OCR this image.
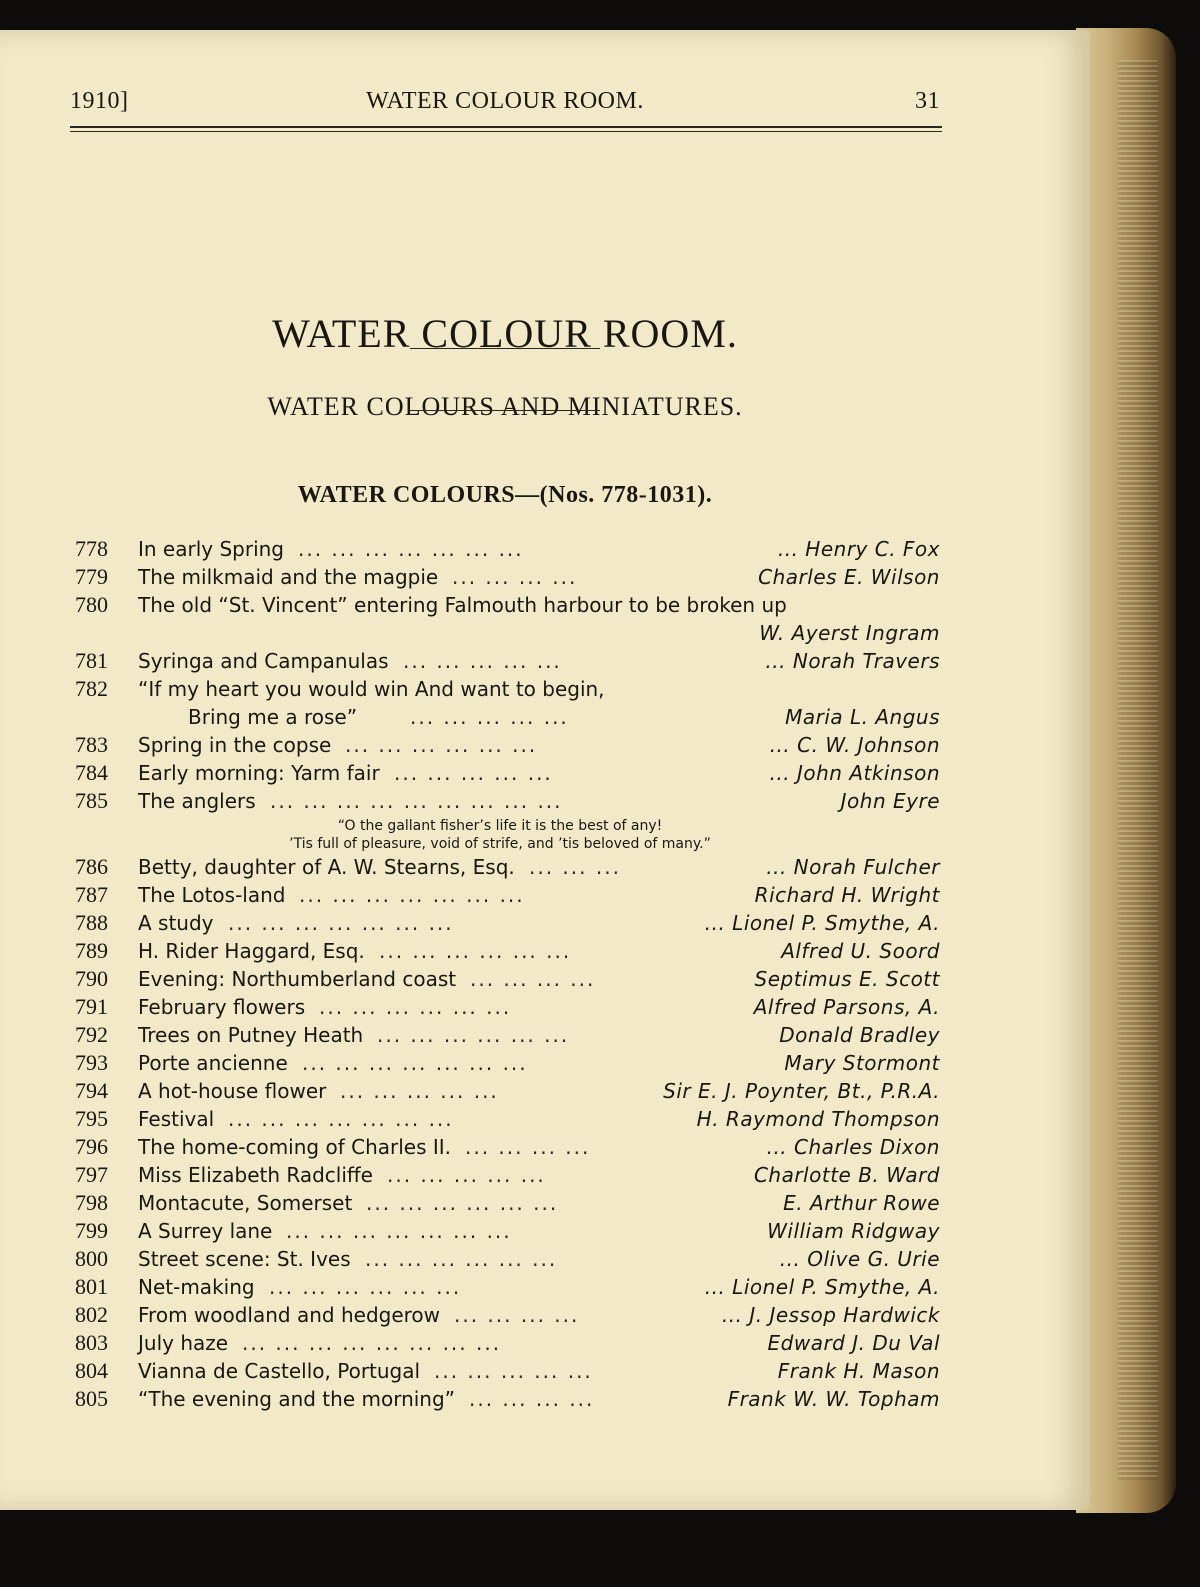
1910]	WATER COLOUR ROOM.	31
WATER COLOUR ROOM.
WATER COLOURS AND MINIATURES.
WATER COLOURS—(Nos. 778-1031).
778	In early Spring	... Henry C. Fox
... ... ... ... ... ... ...
779	The milkmaid and the magpie	Charles E. Wilson
... ... ... ...
780	The old “St. Vincent” entering Falmouth harbour to be broken up
W. Ayerst Ingram
781	Syringa and Campanulas	... Norah Travers
... ... ... ... ...
782	“If my heart you would win And want to begin,
Bring me a rose”	... ... ... ... ...	Maria L. Angus
783	Spring in the copse	... C. W. Johnson
... ... ... ... ... ...
784	Early morning: Yarm fair	... John Atkinson
... ... ... ... ...
785	The anglers	John Eyre
... ... ... ... ... ... ... ... ...
“O the gallant fisher’s life it is the best of any!
’Tis full of pleasure, void of strife, and ’tis beloved of many.”
786	Betty, daughter of A. W. Stearns, Esq.	... Norah Fulcher
... ... ...
787	The Lotos-land	Richard H. Wright
... ... ... ... ... ... ...
788	A study	... Lionel P. Smythe, A.
... ... ... ... ... ... ...
789	H. Rider Haggard, Esq.	Alfred U. Soord
... ... ... ... ... ...
790	Evening: Northumberland coast	Septimus E. Scott
... ... ... ...
791	February flowers	Alfred Parsons, A.
... ... ... ... ... ...
792	Trees on Putney Heath	Donald Bradley
... ... ... ... ... ...
793	Porte ancienne	Mary Stormont
... ... ... ... ... ... ...
794	A hot-house flower	Sir E. J. Poynter, Bt., P.R.A.
... ... ... ... ...
795	Festival	H. Raymond Thompson
... ... ... ... ... ... ...
796	The home-coming of Charles II.	... Charles Dixon
... ... ... ...
797	Miss Elizabeth Radcliffe	Charlotte B. Ward
... ... ... ... ...
798	Montacute, Somerset	E. Arthur Rowe
... ... ... ... ... ...
799	A Surrey lane	William Ridgway
... ... ... ... ... ... ...
800	Street scene: St. Ives	... Olive G. Urie
... ... ... ... ... ...
801	Net-making	... Lionel P. Smythe, A.
... ... ... ... ... ...
802	From woodland and hedgerow	... J. Jessop Hardwick
... ... ... ...
803	July haze	Edward J. Du Val
... ... ... ... ... ... ... ...
804	Vianna de Castello, Portugal	Frank H. Mason
... ... ... ... ...
805	“The evening and the morning”	Frank W. W. Topham
... ... ... ...
